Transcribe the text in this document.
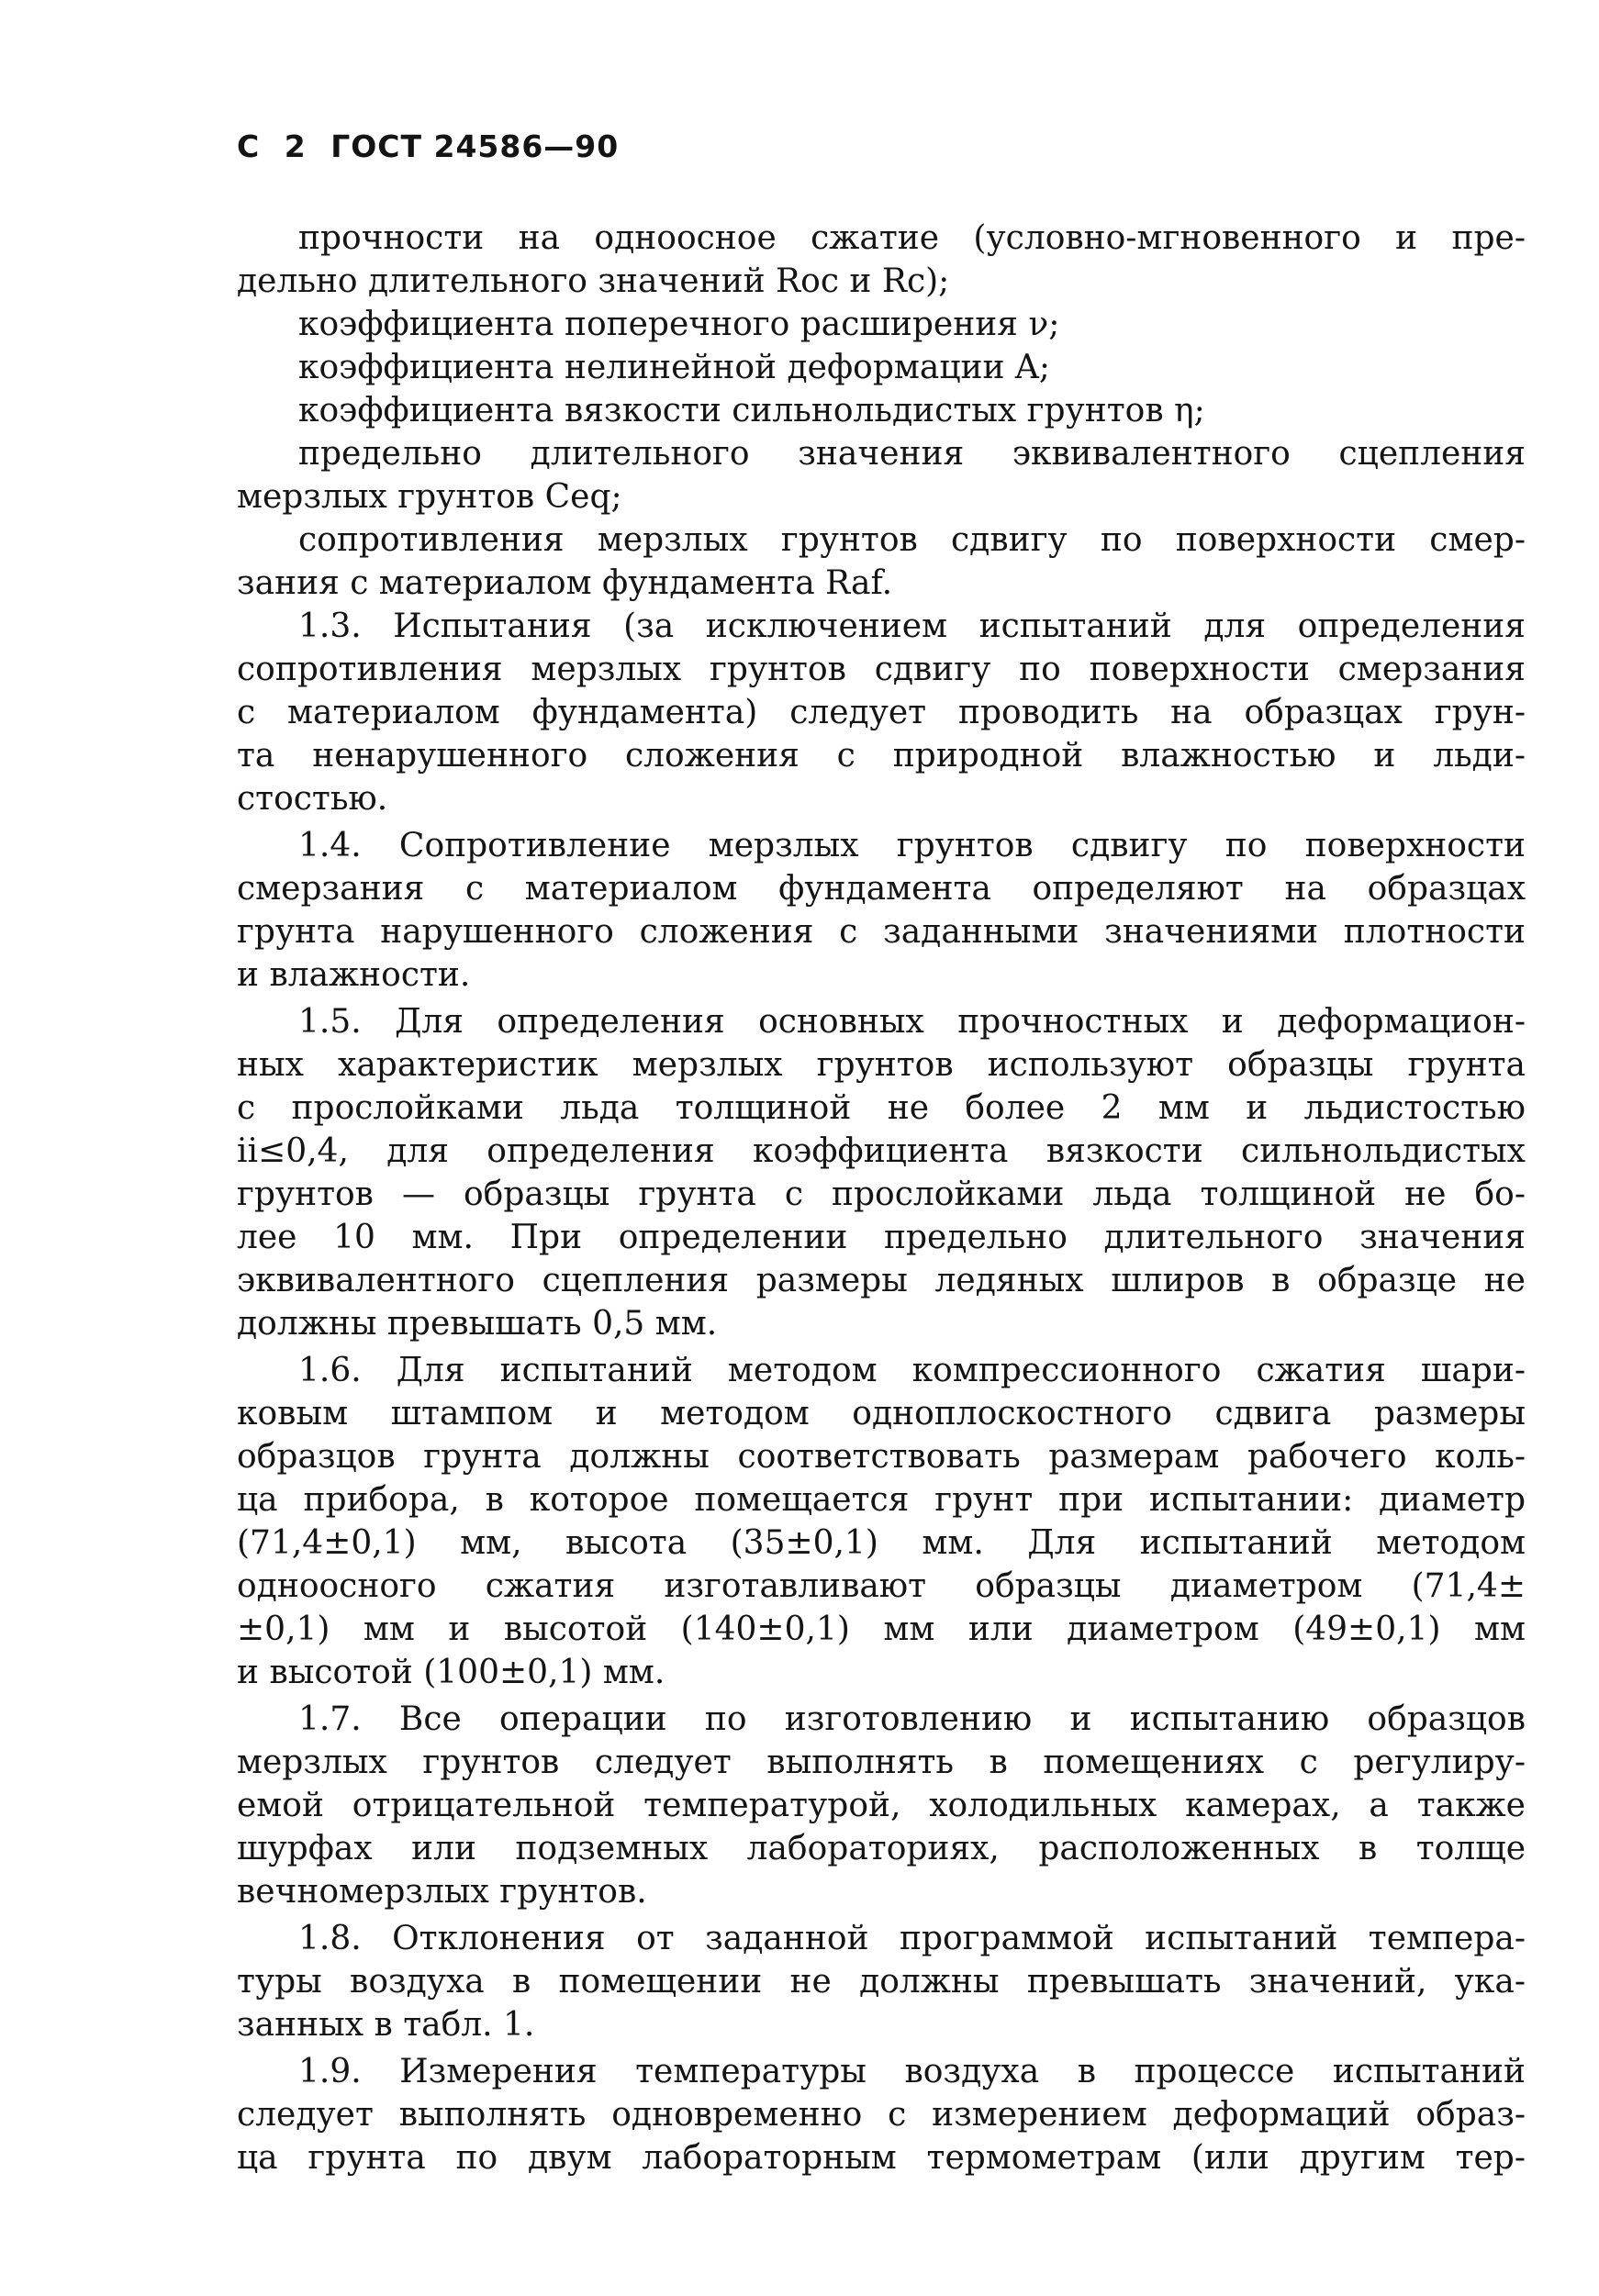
С 2 ГОСТ 24586—90
прочности на одноосное сжатие (условно-мгновенного и пре-
дельно длительного значений Rос и Rс);
коэффициента поперечного расширения ν;
коэффициента нелинейной деформации A;
коэффициента вязкости сильнольдистых грунтов η;
предельно длительного значения эквивалентного сцепления
мерзлых грунтов Ceq;
сопротивления мерзлых грунтов сдвигу по поверхности смер-
зания с материалом фундамента Raf.
1.3. Испытания (за исключением испытаний для определения
сопротивления мерзлых грунтов сдвигу по поверхности смерзания
с материалом фундамента) следует проводить на образцах грун-
та ненарушенного сложения с природной влажностью и льди-
стостью.
1.4. Сопротивление мерзлых грунтов сдвигу по поверхности
смерзания с материалом фундамента определяют на образцах
грунта нарушенного сложения с заданными значениями плотности
и влажности.
1.5. Для определения основных прочностных и деформацион-
ных характеристик мерзлых грунтов используют образцы грунта
с прослойками льда толщиной не более 2 мм и льдистостью
ii≤0,4, для определения коэффициента вязкости сильнольдистых
грунтов — образцы грунта с прослойками льда толщиной не бо-
лее 10 мм. При определении предельно длительного значения
эквивалентного сцепления размеры ледяных шлиров в образце не
должны превышать 0,5 мм.
1.6. Для испытаний методом компрессионного сжатия шари-
ковым штампом и методом одноплоскостного сдвига размеры
образцов грунта должны соответствовать размерам рабочего коль-
ца прибора, в которое помещается грунт при испытании: диаметр
(71,4±0,1) мм, высота (35±0,1) мм. Для испытаний методом
одноосного сжатия изготавливают образцы диаметром (71,4±
±0,1) мм и высотой (140±0,1) мм или диаметром (49±0,1) мм
и высотой (100±0,1) мм.
1.7. Все операции по изготовлению и испытанию образцов
мерзлых грунтов следует выполнять в помещениях с регулиру-
емой отрицательной температурой, холодильных камерах, а также
шурфах или подземных лабораториях, расположенных в толще
вечномерзлых грунтов.
1.8. Отклонения от заданной программой испытаний темпера-
туры воздуха в помещении не должны превышать значений, ука-
занных в табл. 1.
1.9. Измерения температуры воздуха в процессе испытаний
следует выполнять одновременно с измерением деформаций образ-
ца грунта по двум лабораторным термометрам (или другим тер-
